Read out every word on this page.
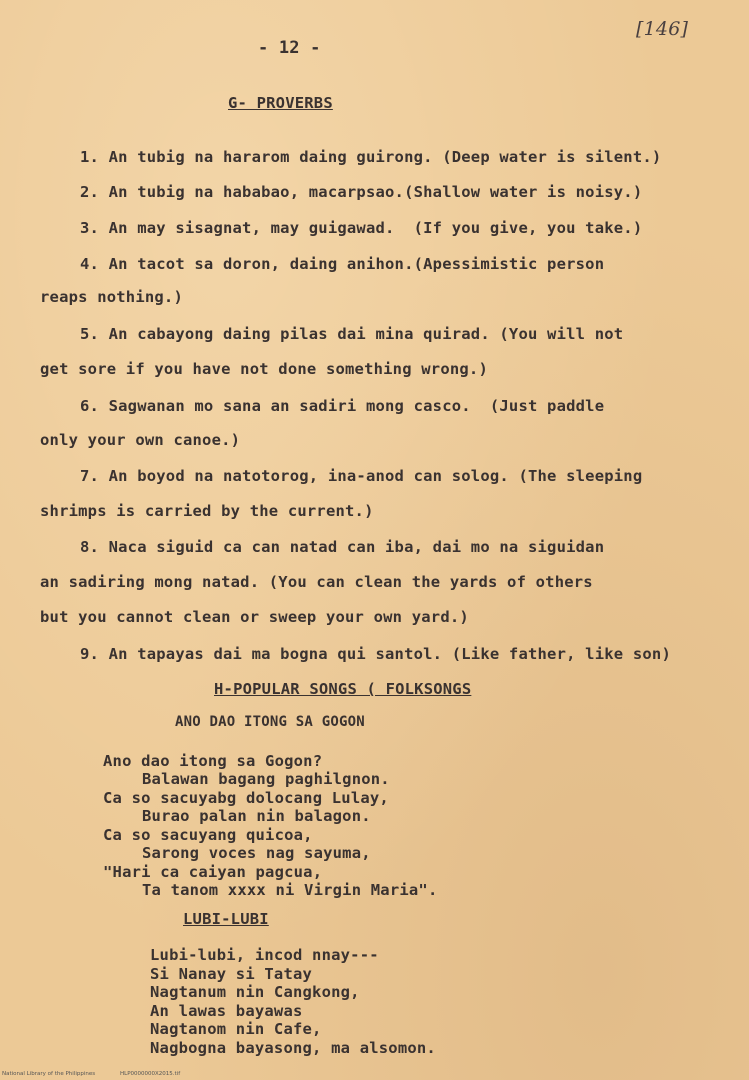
- 12 -
[146]
G- PROVERBS
1. An tubig na hararom daing guirong. (Deep water is silent.)
2. An tubig na hababao, macarpsao.(Shallow water is noisy.)
3. An may sisagnat, may guigawad.  (If you give, you take.)
4. An tacot sa doron, daing anihon.(Apessimistic person
reaps nothing.)
5. An cabayong daing pilas dai mina quirad. (You will not
get sore if you have not done something wrong.)
6. Sagwanan mo sana an sadiri mong casco.  (Just paddle
only your own canoe.)
7. An boyod na natotorog, ina-anod can solog. (The sleeping
shrimps is carried by the current.)
8. Naca siguid ca can natad can iba, dai mo na siguidan
an sadiring mong natad. (You can clean the yards of others
but you cannot clean or sweep your own yard.)
9. An tapayas dai ma bogna qui santol. (Like father, like son)
H-POPULAR SONGS ( FOLKSONGS
ANO DAO ITONG SA GOGON
Ano dao itong sa Gogon?
Balawan bagang paghilgnon.
Ca so sacuyabg dolocang Lulay,
Burao palan nin balagon.
Ca so sacuyang quicoa,
Sarong voces nag sayuma,
"Hari ca caiyan pagcua,
Ta tanom xxxx ni Virgin Maria".
LUBI-LUBI
Lubi-lubi, incod nnay---
Si Nanay si Tatay
Nagtanum nin Cangkong,
An lawas bayawas
Nagtanom nin Cafe,
Nagbogna bayasong, ma alsomon.
National Library of the Philippines	HLP0000000X2015.tif
